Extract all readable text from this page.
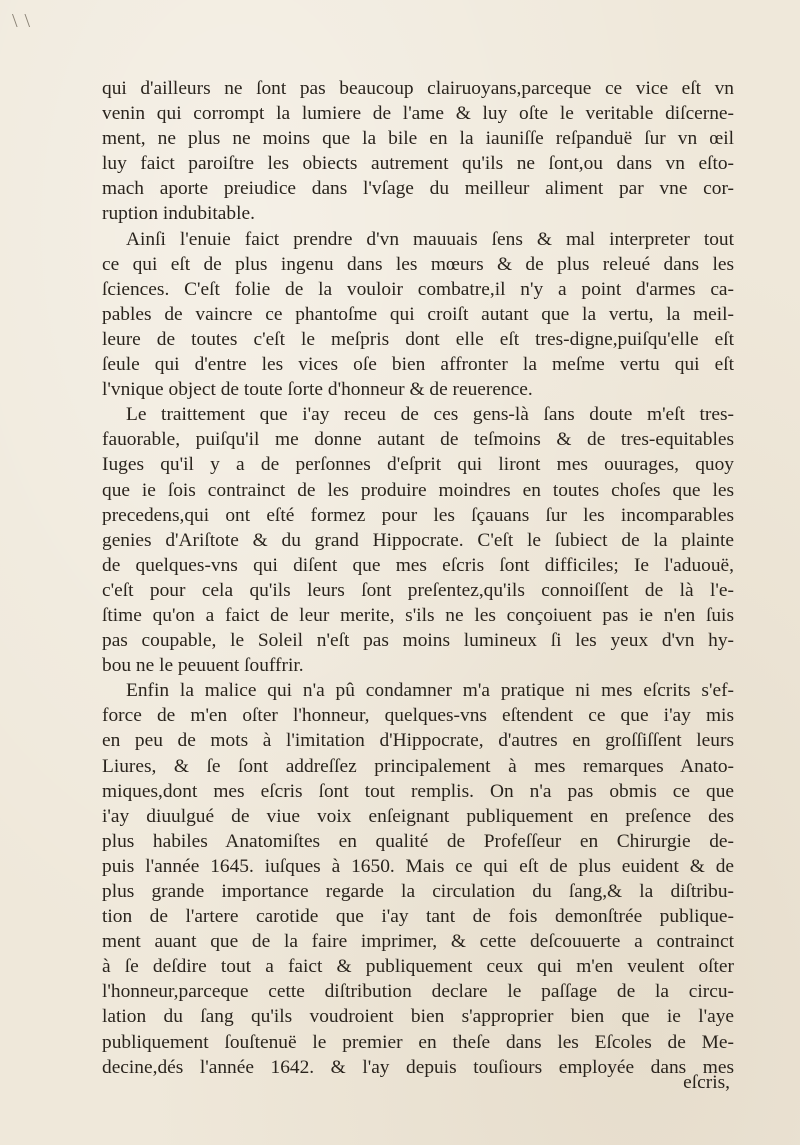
\ \
qui d'ailleurs ne ſont pas beaucoup clairuoyans,parceque ce vice eſt vn
venin qui corrompt la lumiere de l'ame & luy oſte le veritable diſcerne-
ment, ne plus ne moins que la bile en la iauniſſe reſpanduë ſur vn œil
luy faict paroiſtre les obiects autrement qu'ils ne ſont,ou dans vn eſto-
mach aporte preiudice dans l'vſage du meilleur aliment par vne cor-
ruption indubitable.
Ainſi l'enuie faict prendre d'vn mauuais ſens & mal interpreter tout
ce qui eſt de plus ingenu dans les mœurs & de plus releué dans les
ſciences. C'eſt folie de la vouloir combatre,il n'y a point d'armes ca-
pables de vaincre ce phantoſme qui croiſt autant que la vertu, la meil-
leure de toutes c'eſt le meſpris dont elle eſt tres-digne,puiſqu'elle eſt
ſeule qui d'entre les vices oſe bien affronter la meſme vertu qui eſt
l'vnique object de toute ſorte d'honneur & de reuerence.
Le traittement que i'ay receu de ces gens-là ſans doute m'eſt tres-
fauorable, puiſqu'il me donne autant de teſmoins & de tres-equitables
Iuges qu'il y a de perſonnes d'eſprit qui liront mes ouurages, quoy
que ie ſois contrainct de les produire moindres en toutes choſes que les
precedens,qui ont eſté formez pour les ſçauans ſur les incomparables
genies d'Ariſtote & du grand Hippocrate. C'eſt le ſubiect de la plainte
de quelques-vns qui diſent que mes eſcris ſont difficiles; Ie l'aduouë,
c'eſt pour cela qu'ils leurs ſont preſentez,qu'ils connoiſſent de là l'e-
ſtime qu'on a faict de leur merite, s'ils ne les conçoiuent pas ie n'en ſuis
pas coupable, le Soleil n'eſt pas moins lumineux ſi les yeux d'vn hy-
bou ne le peuuent ſouffrir.
Enfin la malice qui n'a pû condamner m'a pratique ni mes eſcrits s'ef-
force de m'en oſter l'honneur, quelques-vns eſtendent ce que i'ay mis
en peu de mots à l'imitation d'Hippocrate, d'autres en groſſiſſent leurs
Liures, & ſe ſont addreſſez principalement à mes remarques Anato-
miques,dont mes eſcris ſont tout remplis. On n'a pas obmis ce que
i'ay diuulgué de viue voix enſeignant publiquement en preſence des
plus habiles Anatomiſtes en qualité de Profeſſeur en Chirurgie de-
puis l'année 1645. iuſques à 1650. Mais ce qui eſt de plus euident & de
plus grande importance regarde la circulation du ſang,& la diſtribu-
tion de l'artere carotide que i'ay tant de fois demonſtrée publique-
ment auant que de la faire imprimer, & cette deſcouuerte a contrainct
à ſe deſdire tout a faict & publiquement ceux qui m'en veulent oſter
l'honneur,parceque cette diſtribution declare le paſſage de la circu-
lation du ſang qu'ils voudroient bien s'approprier bien que ie l'aye
publiquement ſouſtenuë le premier en theſe dans les Eſcoles de Me-
decine,dés l'année 1642. & l'ay depuis touſiours employée dans mes
eſcris,
